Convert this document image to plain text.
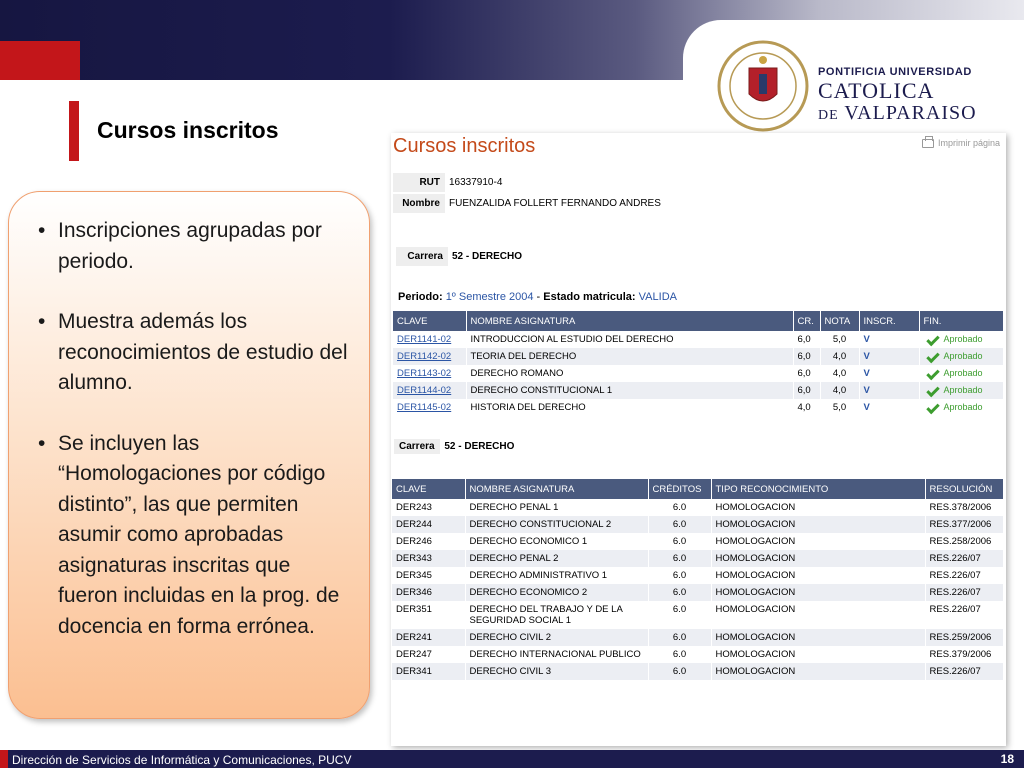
PONTIFICIA UNIVERSIDAD
CATOLICA
DE VALPARAISO
Cursos inscritos
• Inscripciones agrupadas por periodo.
• Muestra además los reconocimientos de estudio del alumno.
• Se incluyen las “Homologaciones por código distinto”, las que permiten asumir como aprobadas asignaturas inscritas que fueron incluidas en la prog. de docencia en forma errónea.
Cursos inscritos	Imprimir página
RUT 16337910-4
Nombre FUENZALIDA FOLLERT FERNANDO ANDRES
Carrera 52 - DERECHO
Periodo: 1º Semestre 2004 - Estado matricula: VALIDA
CLAVE	NOMBRE ASIGNATURA	CR.	NOTA	INSCR.	FIN.
DER1141-02	INTRODUCCION AL ESTUDIO DEL DERECHO	6,0	5,0	V	Aprobado
DER1142-02	TEORIA DEL DERECHO	6,0	4,0	V	Aprobado
DER1143-02	DERECHO ROMANO	6,0	4,0	V	Aprobado
DER1144-02	DERECHO CONSTITUCIONAL 1	6,0	4,0	V	Aprobado
DER1145-02	HISTORIA DEL DERECHO	4,0	5,0	V	Aprobado
Carrera 52 - DERECHO
CLAVE	NOMBRE ASIGNATURA	CRÉDITOS	TIPO RECONOCIMIENTO	RESOLUCIÓN
DER243	DERECHO PENAL 1	6.0	HOMOLOGACION	RES.378/2006
DER244	DERECHO CONSTITUCIONAL 2	6.0	HOMOLOGACION	RES.377/2006
DER246	DERECHO ECONOMICO 1	6.0	HOMOLOGACION	RES.258/2006
DER343	DERECHO PENAL 2	6.0	HOMOLOGACION	RES.226/07
DER345	DERECHO ADMINISTRATIVO 1	6.0	HOMOLOGACION	RES.226/07
DER346	DERECHO ECONOMICO 2	6.0	HOMOLOGACION	RES.226/07
DER351	DERECHO DEL TRABAJO Y DE LA SEGURIDAD SOCIAL 1	6.0	HOMOLOGACION	RES.226/07
DER241	DERECHO CIVIL 2	6.0	HOMOLOGACION	RES.259/2006
DER247	DERECHO INTERNACIONAL PUBLICO	6.0	HOMOLOGACION	RES.379/2006
DER341	DERECHO CIVIL 3	6.0	HOMOLOGACION	RES.226/07
Dirección de Servicios de Informática y Comunicaciones, PUCV	18
